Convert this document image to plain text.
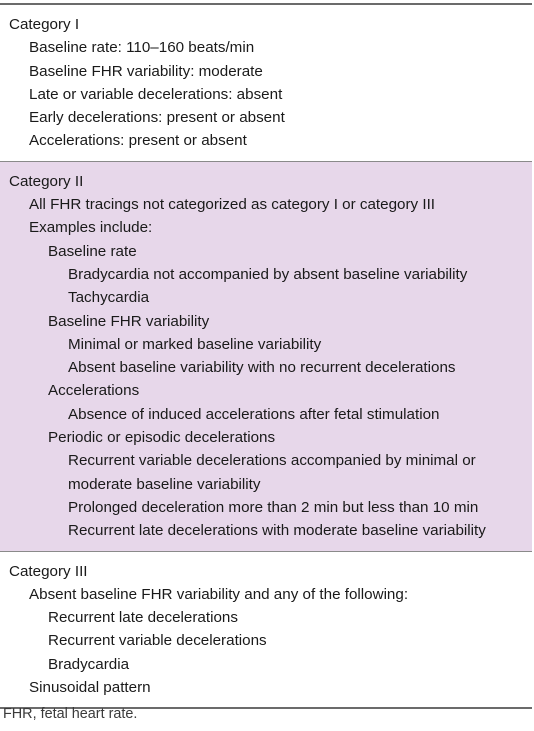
Category I
Baseline rate: 110–160 beats/min
Baseline FHR variability: moderate
Late or variable decelerations: absent
Early decelerations: present or absent
Accelerations: present or absent
Category II
All FHR tracings not categorized as category I or category III
Examples include:
Baseline rate
Bradycardia not accompanied by absent baseline variability
Tachycardia
Baseline FHR variability
Minimal or marked baseline variability
Absent baseline variability with no recurrent decelerations
Accelerations
Absence of induced accelerations after fetal stimulation
Periodic or episodic decelerations
Recurrent variable decelerations accompanied by minimal or
moderate baseline variability
Prolonged deceleration more than 2 min but less than 10 min
Recurrent late decelerations with moderate baseline variability
Category III
Absent baseline FHR variability and any of the following:
Recurrent late decelerations
Recurrent variable decelerations
Bradycardia
Sinusoidal pattern
FHR, fetal heart rate.
